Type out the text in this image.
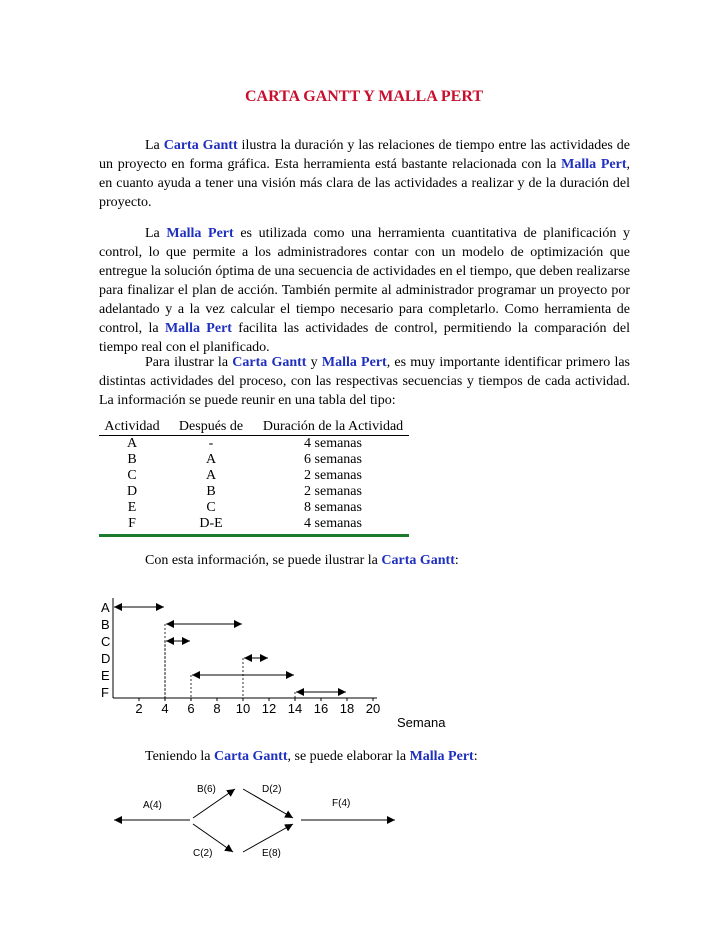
CARTA GANTT Y MALLA PERT
La Carta Gantt ilustra la duración y las relaciones de tiempo entre las actividades de un proyecto en forma gráfica. Esta herramienta está bastante relacionada con la Malla Pert, en cuanto ayuda a tener una visión más clara de las actividades a realizar y de la duración del proyecto.
La Malla Pert es utilizada como una herramienta cuantitativa de planificación y control, lo que permite a los administradores contar con un modelo de optimización que entregue la solución óptima de una secuencia de actividades en el tiempo, que deben realizarse para finalizar el plan de acción. También permite al administrador programar un proyecto por adelantado y a la vez calcular el tiempo necesario para completarlo. Como herramienta de control, la Malla Pert facilita las actividades de control, permitiendo la comparación del tiempo real con el planificado.
Para ilustrar la Carta Gantt y Malla Pert, es muy importante identificar primero las distintas actividades del proceso, con las respectivas secuencias y tiempos de cada actividad. La información se puede reunir en una tabla del tipo:
Actividad	Después de	Duración de la Actividad
A	-	4 semanas
B	A	6 semanas
C	A	2 semanas
D	B	2 semanas
E	C	8 semanas
F	D-E	4 semanas
Con esta información, se puede ilustrar la Carta Gantt:
A
B
C
D
E
F
2 4 6 8 10 12 14 16 18 20
Semana
A(4)
B(6)
C(2)
D(2)
E(8)
F(4)
Teniendo la Carta Gantt, se puede elaborar la Malla Pert:
